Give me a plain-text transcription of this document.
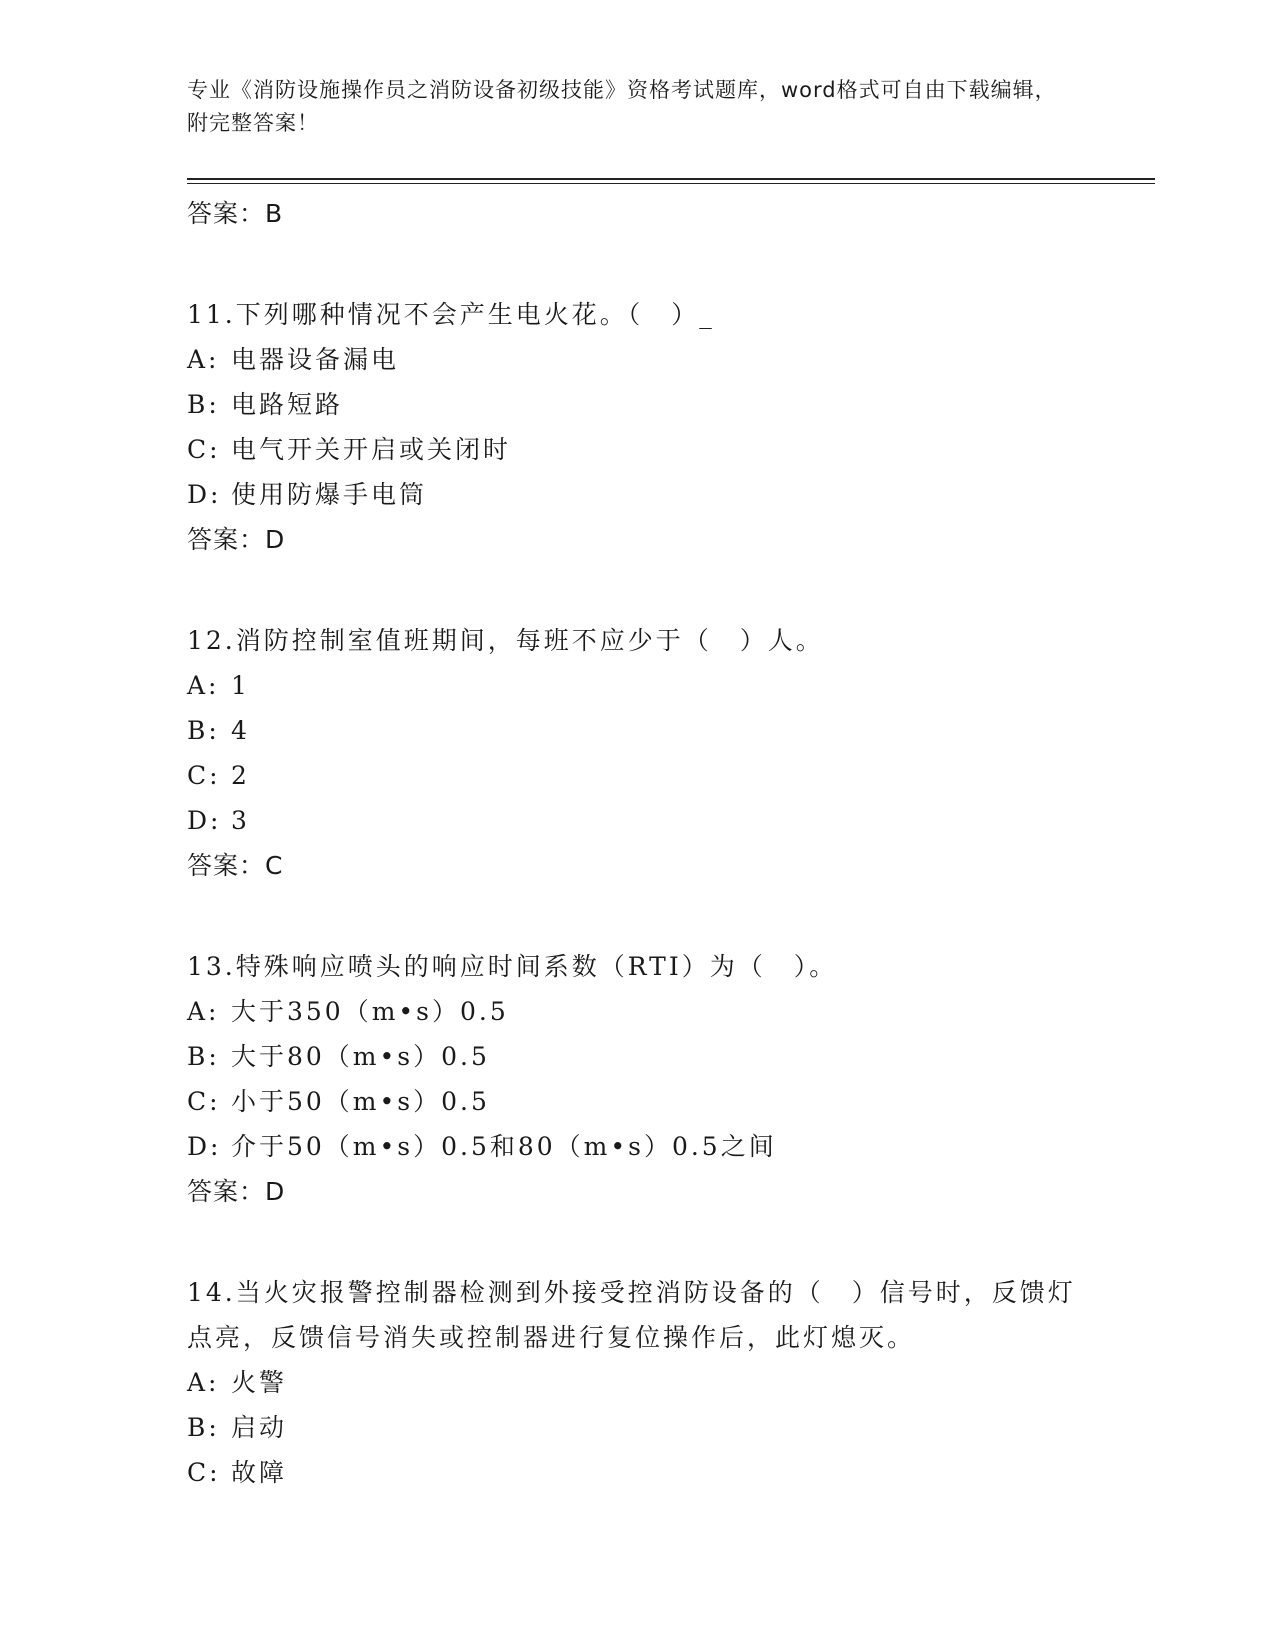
专业《消防设施操作员之消防设备初级技能》资格考试题库，word格式可自由下载编辑，附完整答案！
答案：B
11.下列哪种情况不会产生电火花。（　）_
A: 电器设备漏电
B: 电路短路
C: 电气开关开启或关闭时
D: 使用防爆手电筒
答案：D
12.消防控制室值班期间，每班不应少于（　）人。
A: 1
B: 4
C: 2
D: 3
答案：C
13.特殊响应喷头的响应时间系数（RTI）为（　）。
A: 大于350（m•s）0.5
B: 大于80（m•s）0.5
C: 小于50（m•s）0.5
D: 介于50（m•s）0.5和80（m•s）0.5之间
答案：D
14.当火灾报警控制器检测到外接受控消防设备的（　）信号时，反馈灯点亮，反馈信号消失或控制器进行复位操作后，此灯熄灭。
A: 火警
B: 启动
C: 故障
